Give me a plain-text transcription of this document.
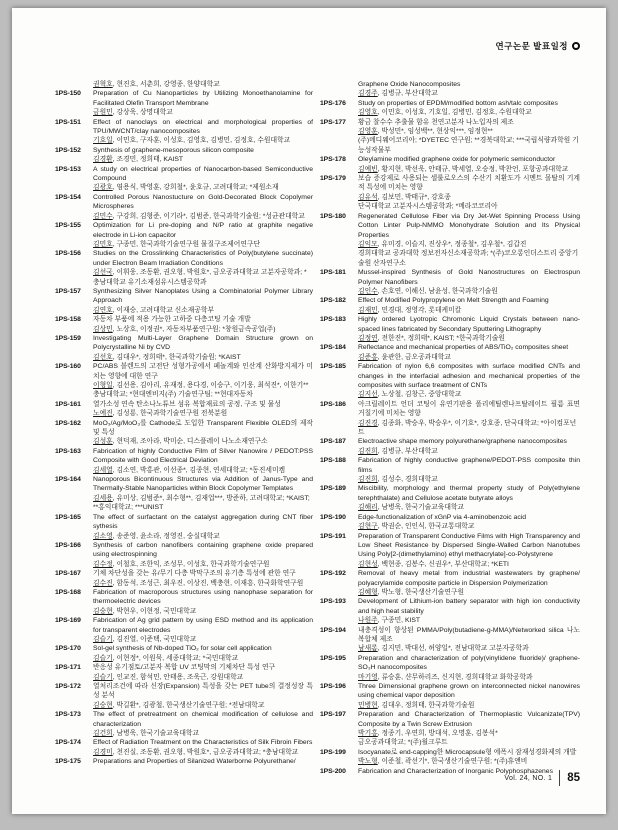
연구논문 발표일정
권혁호, 현진호, 서춘희, 강영종, 한양대학교
1PS-150	Preparation of Cu Nanoparticles by Utilizing Monoethanolamine for Facilitated Olefin Transport Membrane
금원민, 강상욱, 상명대학교
1PS-151	Effect of nanoclays on electrical and morphological properties of TPU/MWCNT/clay nanocomposites
기호일, 이민호, 구자훈, 이성호, 김영호, 김병민, 김정호, 수원대학교
1PS-152	Synthesis of graphene-mesoporous silicon composite
김경환, 조경민, 정희태, KAIST
1PS-153	A study on electrical properties of Nanocarbon-based Semiconductive Compound
김광호, 염용식, 박영훈, 강희철*, 윤호규, 고려대학교; *제원소재
1PS-154	Controlled Porous Nanostucture on Gold-Decorated Block Copolymer Microspheres
김민수, 구강희, 김형준, 이기라*, 김범준, 한국과학기술원; *성균관대학교
1PS-155	Optimization for Li pre-doping and N/P ratio at graphite negative electrode in Li-ion capacitor
김민호, 구종민, 한국과학기술연구원 물질구조제어연구단
1PS-156	Studies on the Crosslinking Characteristics of Poly(butylene succinate) under Electron Beam Irradiation Conditions
김선국, 이휘웅, 조동환, 권오형, 박원호*, 금오공과대학교 고분자공학과; *충남대학교 유기소재섬유시스템공학과
1PS-157	Synthesizing Silver Nanoplates Using a Combinatorial Polymer Library Approach
김연호, 이재승, 고려대학교 신소재공학부
1PS-158	자동차 부품에 적용 가능한 고하중 다층코팅 기술 개발
김상민, 노상호, 이정권*, 자동차부품연구원; *창원금속공업(주)
1PS-159	Investigating Multi-Layer Graphene Domain Structure grown on Polycrystalline Ni by CVD
김선호, 김대우*, 정희태*, 한국과학기술원; *KAIST
1PS-160	PC/ABS 블렌드의 고전단 성형가공에서 페놀계와 인산계 산화방지제가 미치는 영향에 대한 연구
이형일, 김선용, 김아리, 유재정, 용다경, 이승구, 이기웅, 최석진*, 이한기**
충남대학교; *현대엔비지(주) 기술연구팀; **현대자동차
1PS-161	열가소성 연속 탄소나노튜브 섬유 복합재료의 공정, 구조 및 물성
노예진, 김성룡, 한국과학기술연구원 전북분원
1PS-162	MoO₃/Ag/MoO₃를 Cathode로 도입한 Transparent Flexible OLED의 제작 및 특성
김성훈, 현덕재, 조아라, 박미순, 디스플레이 나노소재연구소
1PS-163	Fabrication of highly Conductive Film of Silver Nanowire / PEDOT:PSS Composite with Good Electrical Deviation
김세열, 김소연, 박홍관, 이선종*, 김종현, 연세대학교; *동진세미켐
1PS-164	Nanoporous Bicontinuous Structures via Addition of Janus-Type and Thermally-Stable Nanoparticles within Block Copolymer Templates
김세용, 유미상, 김범준*, 최수형**, 김재업***, 방준하, 고려대학교; *KAIST; **홍익대학교; ***UNIST
1PS-165	The effect of surfactant on the catalyst aggregation during CNT fiber sythesis
김소영, 송준영, 윤소라, 정영진, 숭실대학교
1PS-166	Synthesis of carbon nanofibers containing graphene oxide prepared using electrospinning
김수정, 이철호, 조한익, 조성무, 이성호, 한국과학기술연구원
1PS-167	기체 차단성을 갖는 유/무기 다층 박막구조의 유기층 특성에 관한 연구
김수진, 함동석, 조성근, 최우진, 이상진, 백충현, 이재흥, 한국화학연구원
1PS-168	Fabrication of macroporous structures using nanophase separation for thermoelectric devices
김승현, 박현우, 이현정, 국민대학교
1PS-169	Fabrication of Ag grid pattern by using ESD method and its application for transparent electrodes
김슬기, 김진열, 이준택, 국민대학교
1PS-170	Sol-gel synthesis of Nb-doped TiO₂ for solar cell application
김슬기, 이현정*, 이원묵, 세종대학교; *국민대학교
1PS-171	반응성 유기점토/고분자 복합 UV 코팅막의 기체차단 특성 연구
김슬기, 인교진, 함석민, 안태용, 조욱근, 강원대학교
1PS-172	열처리조건에 따라 신장(Expansion) 특성을 갖는 PET tube의 결정성장 특성 분석
김승현, 박길환*, 김광철, 한국생산기술연구원; *전남대학교
1PS-173	The effect of pretreatment on chemical modification of cellulose and characterization
김건희, 남병욱, 한국기술교육대학교
1PS-174	Effect of Radiation Treatment on the Characteristics of Silk Fibroin Fibers
김경미, 천진실, 조동환, 권오형, 박원호*, 금오공과대학교; *충남대학교
1PS-175	Preparations and Properties of Silanized Waterborne Polyurethane/
Graphene Oxide Nanocomposites
김경주, 김병규, 부산대학교
1PS-176	Study on properties of EPDM/modified bottom ash/talc composites
김영호, 이민호, 이성호, 기호일, 김병민, 김정호, 수원대학교
1PS-177	황금 찰수수 추출물 함유 천연고분자 나노입자의 제조
김영훈, 박성민*, 임성백**, 현상익***, 임정현**
(주)메디웨어코리아; *DYETEC 연구원; **경북대학교; ***국립식량과학원 기능성작물부
1PS-178	Oleylamine modified graphene oxide for polymeric semiconductor
김예빈, 황지현, 박선욱, 안태규, 박세열, 오승정, 박찬언, 포항공과대학교
1PS-179	보습 증강제로 사용되는 셀룰로오스의 수산기 치환도가 시멘트 몰탈의 기계적 특성에 미치는 영향
김유석, 김보민, 박태규*, 강호종
단국대학교 고분자시스템공학과; *메라코코리아
1PS-180	Regenerated Cellulose Fiber via Dry Jet-Wet Spinning Process Using Cotton Linter Pulp-NMMO Monohydrate Solution and Its Physical Properties
김익모, 유미경, 이슬지, 진상우*, 정종철*, 김우철*, 김갑진
경희대학교 공과대학 정보전자신소재공학과; *(주)코오롱인더스트리 중앙기술원 산자연구소
1PS-181	Mussel-inspired Synthesis of Gold Nanostructures on Electrospun Polymer Nanofibers
김인수, 손호연, 이해신, 남윤성, 한국과학기술원
1PS-182	Effect of Modified Polypropylene on Melt Strength and Foaming
김재민, 민경대, 정영각, 롯데케미칼
1PS-183	Highly ordered Lyotropic Chromonic Liquid Crystals between nano-spaced lines fabricated by Secondary Sputtering Lithography
김정연, 전한진*, 정희태*, KAIST; *한국과학기술원
1PS-184	Reflectance and mechanical properties of ABS/TiO₂ composites sheet
김준홍, 윤관한, 금오공과대학교
1PS-185	Fabrication of nylon 6,6 composites with surface modified CNTs and changes in the interfacial adhesion and mechanical properties of the composites with surface treatment of CNTs
김지선, 노상철, 김창근, 중앙대학교
1PS-186	아크릴레이트 언더 코팅이 유연기판용 폴리에틸렌나프탈레이트 필름 표면 거칠기에 미치는 영향
김진경, 김종화, 박승우, 박승우*, 이기호*, 강호종, 단국대학교; *아이컴포넌트
1PS-187	Electroactive shape memory polyurethane/graphene nanocomposites
김진희, 김병규, 부산대학교
1PS-188	Fabrication of highly conductive graphene/PEDOT-PSS composite thin films
김진희, 김성수, 경희대학교
1PS-189	Miscibility, morphology and thermal property study of Poly(ethylene terephthalate) and Cellulose acetate butyrate alloys
김해리, 남병욱, 한국기술교육대학교
1PS-190	Edge-functionalization of xGnP via 4-aminobenzoic acid
김현구, 박권순, 인인식, 한국교통대학교
1PS-191	Preparation of Transparent Conductive Films with High Transparency and Low Sheet Resistance by Dispersed Single-Walled Carbon Nanotubes Using Poly[2-(dimethylamino) ethyl methacrylate]-co-Polystyrene
김현성, 백현종, 김봉수, 신권우*, 부산대학교; *KETI
1PS-192	Removal of heavy metal from industrial wastewaters by graphene/ polyacrylamide composite particle in Dispersion Polymerization
김혜형, 박노형, 한국생산기술연구원
1PS-193	Development of Lithium-ion battery separator with high ion conductivity and high heat stability
나원주, 구종민, KIST
1PS-194	내충격성이 향상된 PMMA/Poly(butadiene-g-MMA)/Networked silica 나노복합체 제조
남새롬, 김지민, 박대선, 허양일*, 전남대학교 고분자공학과
1PS-195	Preparation and characterization of poly(vinylidene fluoride)/ graphene-SO₃H nanocomposites
마기영, 류승훈, 샨무하리즈, 신지현, 경희대학교 화학공학과
1PS-196	Three Dimensional graphene grown on interconnected nickel nanowires using chemical vapor deposition
민병현, 김대우, 정희태, 한국과학기술원
1PS-197	Preparation and Characterization of Thermoplastic Vulcanizate(TPV) Composite by a Twin Screw Extrusion
박기홍, 정종기, 우연희, 방대석, 오명훈, 김봉석*
금오공과대학교; *(주)윌크루트
1PS-199	Isocyanate로 end-capping한 Microcapsule형 에폭시 잠재성경화제의 개발
박노형, 이준철, 곽선기*, 한국생산기술연구원; *(주)휴앤비
1PS-200	Fabrication and Characterization of Inorganic Polyphosphazenes
Vol. 24, NO. 1 85
